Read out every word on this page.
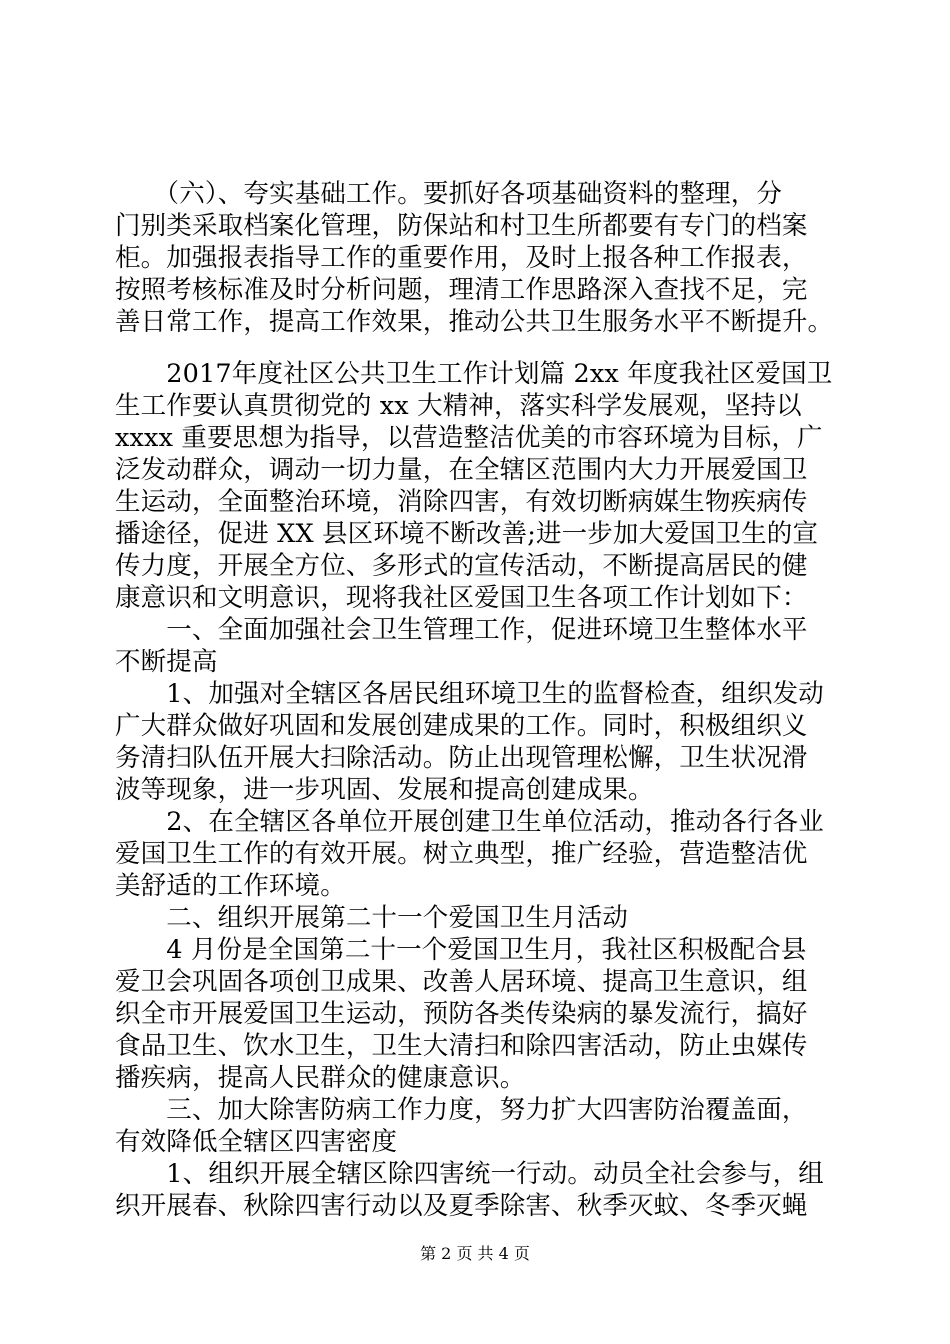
　　（六）、夸实基础工作。要抓好各项基础资料的整理，分

门别类采取档案化管理，防保站和村卫生所都要有专门的档案

柜。加强报表指导工作的重要作用，及时上报各种工作报表，

按照考核标准及时分析问题，理清工作思路深入查找不足，完

善日常工作，提高工作效果，推动公共卫生服务水平不断提升。

　　2017年度社区公共卫生工作计划篇 2xx 年度我社区爱国卫

生工作要认真贯彻党的 xx 大精神，落实科学发展观，坚持以

xxxx 重要思想为指导，以营造整洁优美的市容环境为目标，广

泛发动群众，调动一切力量，在全辖区范围内大力开展爱国卫

生运动，全面整治环境，消除四害，有效切断病媒生物疾病传

播途径，促进 XX 县区环境不断改善;进一步加大爱国卫生的宣

传力度，开展全方位、多形式的宣传活动，不断提高居民的健

康意识和文明意识，现将我社区爱国卫生各项工作计划如下：

　　一、全面加强社会卫生管理工作，促进环境卫生整体水平

不断提高

　　1、加强对全辖区各居民组环境卫生的监督检查，组织发动

广大群众做好巩固和发展创建成果的工作。同时，积极组织义

务清扫队伍开展大扫除活动。防止出现管理松懈，卫生状况滑

波等现象，进一步巩固、发展和提高创建成果。

　　2、在全辖区各单位开展创建卫生单位活动，推动各行各业

爱国卫生工作的有效开展。树立典型，推广经验，营造整洁优

美舒适的工作环境。

　　二、组织开展第二十一个爱国卫生月活动

　　4 月份是全国第二十一个爱国卫生月，我社区积极配合县

爱卫会巩固各项创卫成果、改善人居环境、提高卫生意识，组

织全市开展爱国卫生运动，预防各类传染病的暴发流行，搞好

食品卫生、饮水卫生，卫生大清扫和除四害活动，防止虫媒传

播疾病，提高人民群众的健康意识。

　　三、加大除害防病工作力度，努力扩大四害防治覆盖面，

有效降低全辖区四害密度

　　1、组织开展全辖区除四害统一行动。动员全社会参与，组

织开展春、秋除四害行动以及夏季除害、秋季灭蚊、冬季灭蝇

第 2 页 共 4 页
